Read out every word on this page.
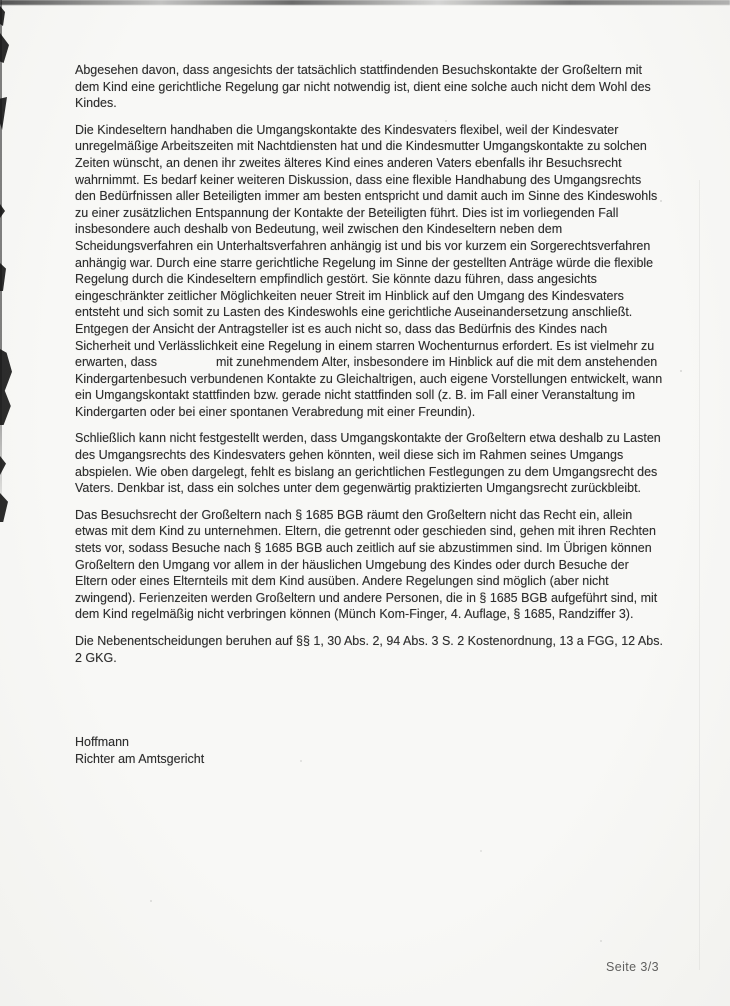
Abgesehen davon, dass angesichts der tatsächlich stattfindenden Besuchskontakte der Großeltern mit dem Kind eine gerichtliche Regelung gar nicht notwendig ist, dient eine solche auch nicht dem Wohl des Kindes.

Die Kindeseltern handhaben die Umgangskontakte des Kindesvaters flexibel, weil der Kindesvater unregelmäßige Arbeitszeiten mit Nachtdiensten hat und die Kindesmutter Umgangskontakte zu solchen Zeiten wünscht, an denen ihr zweites älteres Kind eines anderen Vaters ebenfalls ihr Besuchsrecht wahrnimmt. Es bedarf keiner weiteren Diskussion, dass eine flexible Handhabung des Umgangsrechts den Bedürfnissen aller Beteiligten immer am besten entspricht und damit auch im Sinne des Kindeswohls zu einer zusätzlichen Entspannung der Kontakte der Beteiligten führt. Dies ist im vorliegenden Fall insbesondere auch deshalb von Bedeutung, weil zwischen den Kindeseltern neben dem Scheidungsverfahren ein Unterhaltsverfahren anhängig ist und bis vor kurzem ein Sorgerechtsverfahren anhängig war. Durch eine starre gerichtliche Regelung im Sinne der gestellten Anträge würde die flexible Regelung durch die Kindeseltern empfindlich gestört. Sie könnte dazu führen, dass angesichts eingeschränkter zeitlicher Möglichkeiten neuer Streit im Hinblick auf den Umgang des Kindesvaters entsteht und sich somit zu Lasten des Kindeswohls eine gerichtliche Auseinandersetzung anschließt. Entgegen der Ansicht der Antragsteller ist es auch nicht so, dass das Bedürfnis des Kindes nach Sicherheit und Verlässlichkeit eine Regelung in einem starren Wochenturnus erfordert. Es ist vielmehr zu erwarten, dass                 mit zunehmendem Alter, insbesondere im Hinblick auf die mit dem anstehenden Kindergartenbesuch verbundenen Kontakte zu Gleichaltrigen, auch eigene Vorstellungen entwickelt, wann ein Umgangskontakt stattfinden bzw. gerade nicht stattfinden soll (z. B. im Fall einer Veranstaltung im Kindergarten oder bei einer spontanen Verabredung mit einer Freundin).

Schließlich kann nicht festgestellt werden, dass Umgangskontakte der Großeltern etwa deshalb zu Lasten des Umgangsrechts des Kindesvaters gehen könnten, weil diese sich im Rahmen seines Umgangs abspielen. Wie oben dargelegt, fehlt es bislang an gerichtlichen Festlegungen zu dem Umgangsrecht des Vaters. Denkbar ist, dass ein solches unter dem gegenwärtig praktizierten Umgangsrecht zurückbleibt.

Das Besuchsrecht der Großeltern nach § 1685 BGB räumt den Großeltern nicht das Recht ein, allein etwas mit dem Kind zu unternehmen. Eltern, die getrennt oder geschieden sind, gehen mit ihren Rechten stets vor, sodass Besuche nach § 1685 BGB auch zeitlich auf sie abzustimmen sind. Im Übrigen können Großeltern den Umgang vor allem in der häuslichen Umgebung des Kindes oder durch Besuche der Eltern oder eines Elternteils mit dem Kind ausüben. Andere Regelungen sind möglich (aber nicht zwingend). Ferienzeiten werden Großeltern und andere Personen, die in § 1685 BGB aufgeführt sind, mit dem Kind regelmäßig nicht verbringen können (Münch Kom-Finger, 4. Auflage, § 1685, Randziffer 3).

Die Nebenentscheidungen beruhen auf §§ 1, 30 Abs. 2, 94 Abs. 3 S. 2 Kostenordnung, 13 a FGG, 12 Abs. 2 GKG.

Hoffmann
Richter am Amtsgericht
Seite 3/3
